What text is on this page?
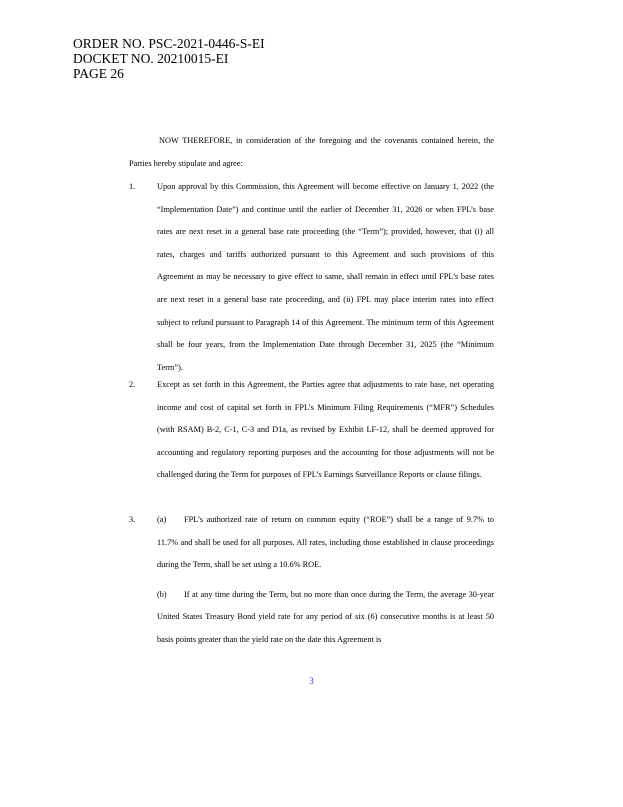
ORDER NO. PSC-2021-0446-S-EI
DOCKET NO. 20210015-EI
PAGE 26
NOW THEREFORE, in consideration of the foregoing and the covenants contained herein, the Parties hereby stipulate and agree:
1.	Upon approval by this Commission, this Agreement will become effective on January 1, 2022 (the “Implementation Date”) and continue until the earlier of December 31, 2026 or when FPL’s base rates are next reset in a general base rate proceeding (the “Term”); provided, however, that (i) all rates, charges and tariffs authorized pursuant to this Agreement and such provisions of this Agreement as may be necessary to give effect to same, shall remain in effect until FPL’s base rates are next reset in a general base rate proceeding, and (ii) FPL may place interim rates into effect subject to refund pursuant to Paragraph 14 of this Agreement. The minimum term of this Agreement shall be four years, from the Implementation Date through December 31, 2025 (the “Minimum Term”).
2.	Except as set forth in this Agreement, the Parties agree that adjustments to rate base, net operating income and cost of capital set forth in FPL’s Minimum Filing Requirements (“MFR”) Schedules (with RSAM) B-2, C-1, C-3 and D1a, as revised by Exhibit LF-12, shall be deemed approved for accounting and regulatory reporting purposes and the accounting for those adjustments will not be challenged during the Term for purposes of FPL’s Earnings Surveillance Reports or clause filings.
3.	(a) FPL’s authorized rate of return on common equity (“ROE”) shall be a range of 9.7% to 11.7% and shall be used for all purposes. All rates, including those established in clause proceedings during the Term, shall be set using a 10.6% ROE.
(b) If at any time during the Term, but no more than once during the Term, the average 30-year United States Treasury Bond yield rate for any period of six (6) consecutive months is at least 50 basis points greater than the yield rate on the date this Agreement is
3
